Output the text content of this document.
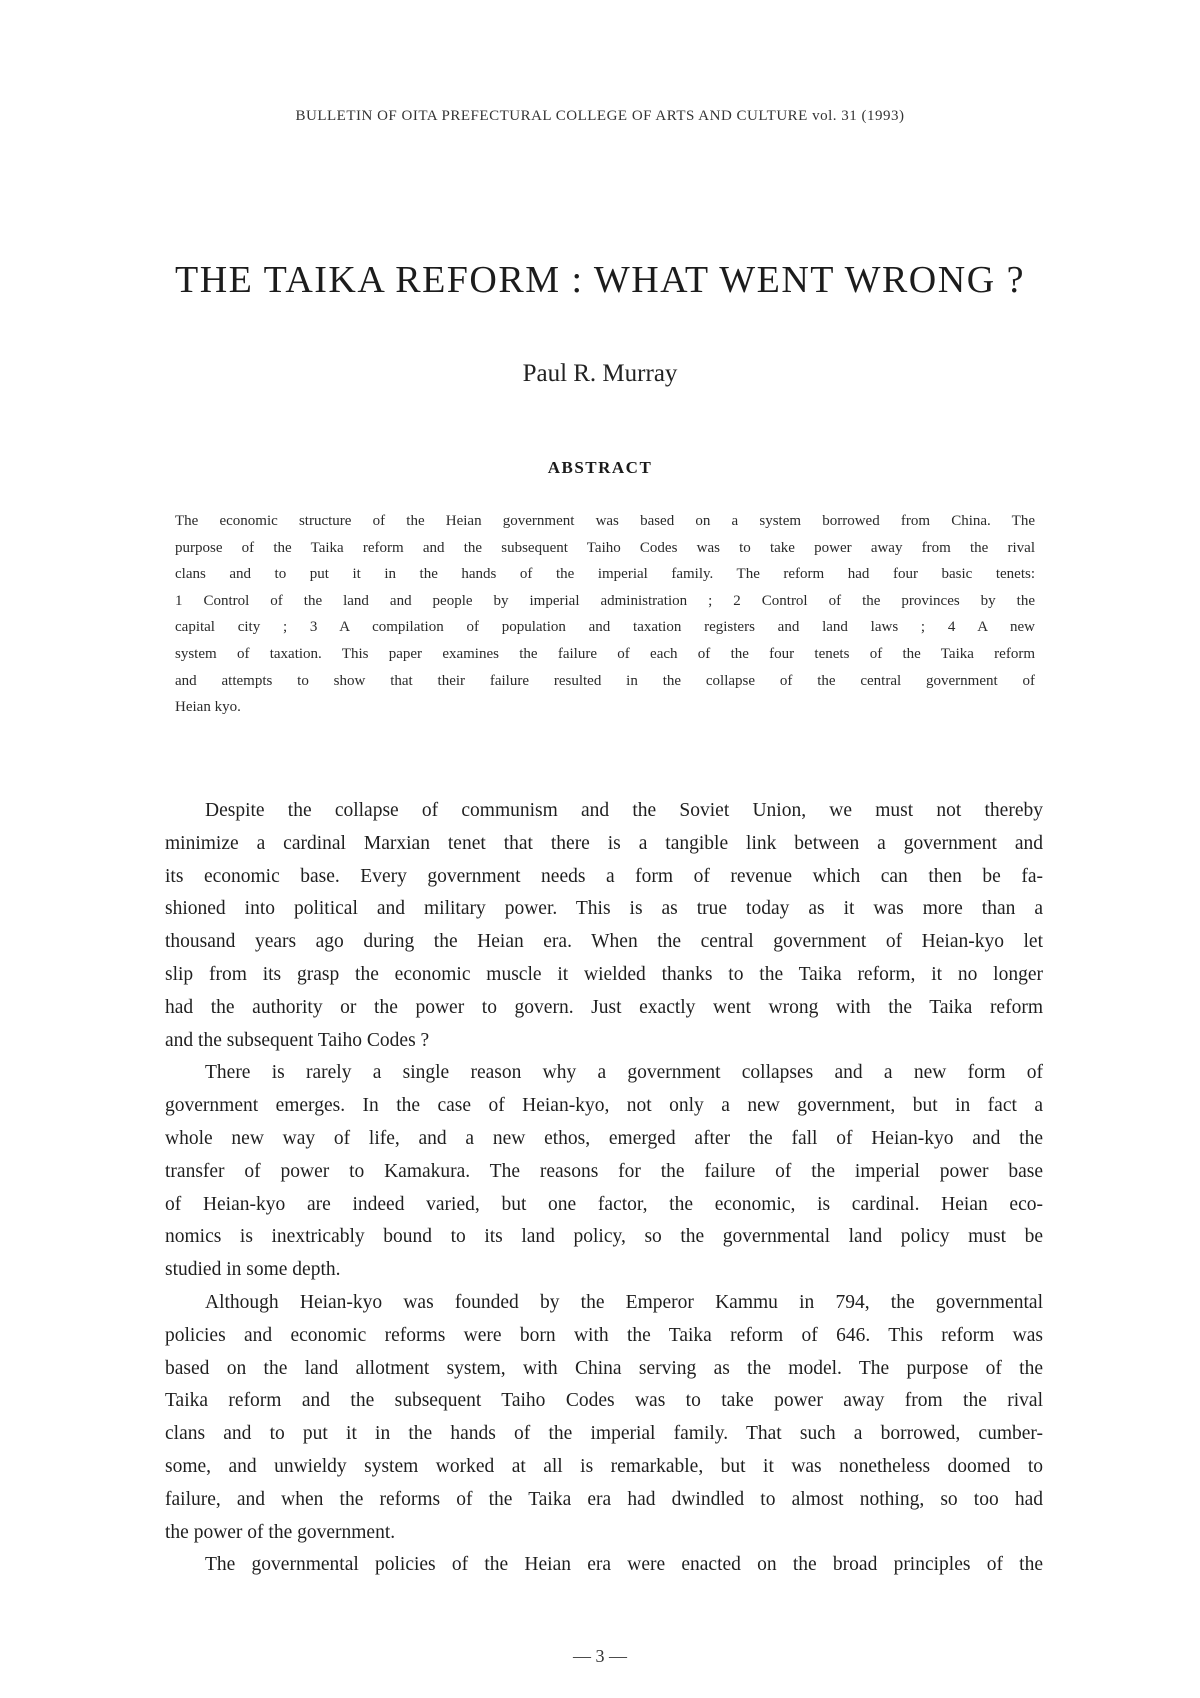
BULLETIN OF OITA PREFECTURAL COLLEGE OF ARTS AND CULTURE vol. 31 (1993)
THE TAIKA REFORM : WHAT WENT WRONG ?
Paul R. Murray
ABSTRACT
The economic structure of the Heian government was based on a system borrowed from China. The
purpose of the Taika reform and the subsequent Taiho Codes was to take power away from the rival
clans and to put it in the hands of the imperial family. The reform had four basic tenets:
1 Control of the land and people by imperial administration ; 2 Control of the provinces by the
capital city ; 3 A compilation of population and taxation registers and land laws ; 4 A new
system of taxation. This paper examines the failure of each of the four tenets of the Taika reform
and attempts to show that their failure resulted in the collapse of the central government of
Heian kyo.
Despite the collapse of communism and the Soviet Union, we must not thereby
minimize a cardinal Marxian tenet that there is a tangible link between a government and
its economic base. Every government needs a form of revenue which can then be fa-
shioned into political and military power. This is as true today as it was more than a
thousand years ago during the Heian era. When the central government of Heian-kyo let
slip from its grasp the economic muscle it wielded thanks to the Taika reform, it no longer
had the authority or the power to govern. Just exactly went wrong with the Taika reform
and the subsequent Taiho Codes ?
There is rarely a single reason why a government collapses and a new form of
government emerges. In the case of Heian-kyo, not only a new government, but in fact a
whole new way of life, and a new ethos, emerged after the fall of Heian-kyo and the
transfer of power to Kamakura. The reasons for the failure of the imperial power base
of Heian-kyo are indeed varied, but one factor, the economic, is cardinal. Heian eco-
nomics is inextricably bound to its land policy, so the governmental land policy must be
studied in some depth.
Although Heian-kyo was founded by the Emperor Kammu in 794, the governmental
policies and economic reforms were born with the Taika reform of 646. This reform was
based on the land allotment system, with China serving as the model. The purpose of the
Taika reform and the subsequent Taiho Codes was to take power away from the rival
clans and to put it in the hands of the imperial family. That such a borrowed, cumber-
some, and unwieldy system worked at all is remarkable, but it was nonetheless doomed to
failure, and when the reforms of the Taika era had dwindled to almost nothing, so too had
the power of the government.
The governmental policies of the Heian era were enacted on the broad principles of the
— 3 —
